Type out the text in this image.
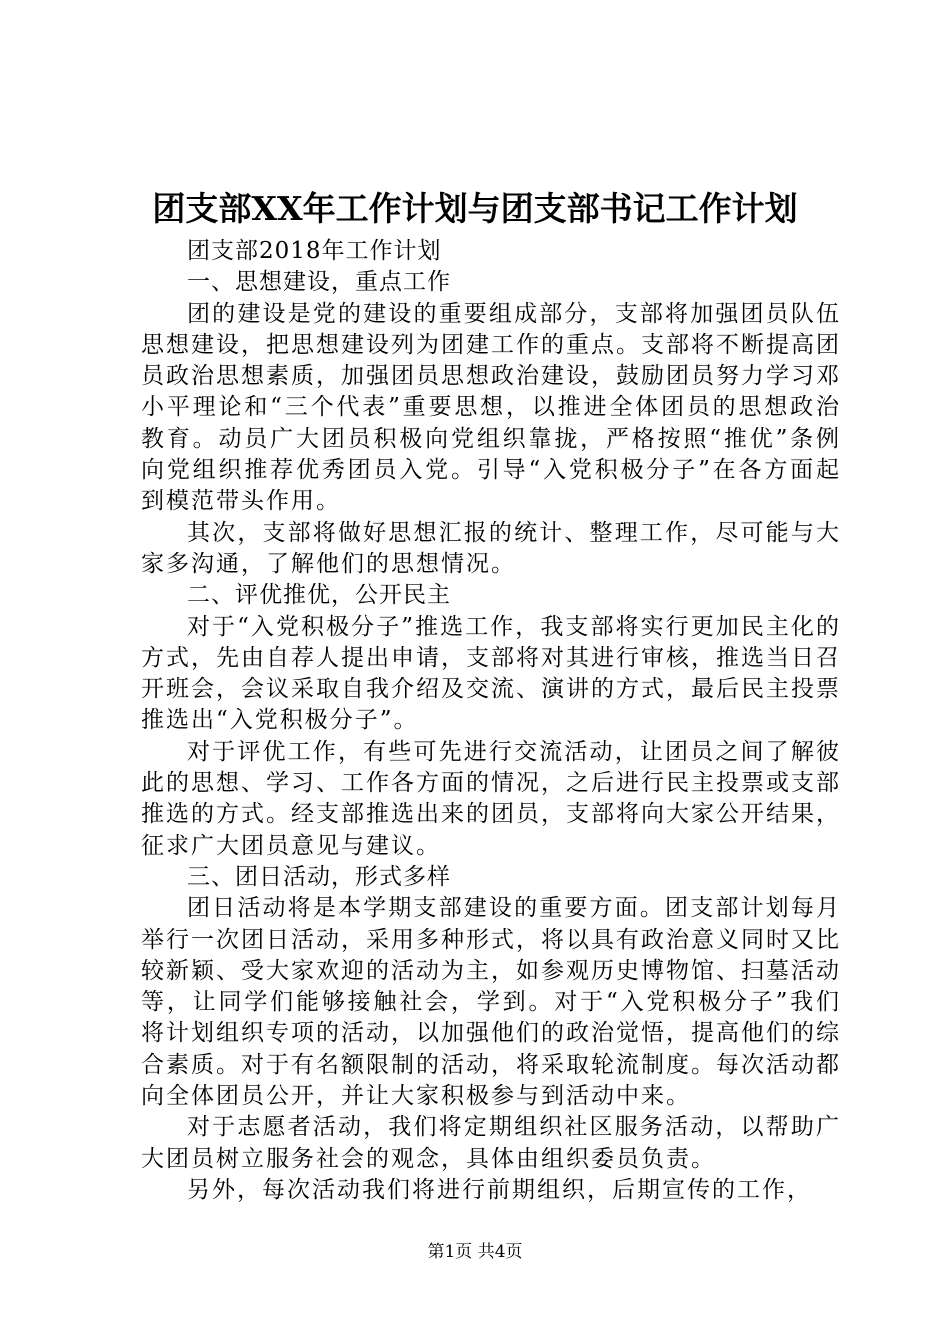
团支部XX年工作计划与团支部书记工作计划

团支部2018年工作计划

一、思想建设，重点工作

团的建设是党的建设的重要组成部分，支部将加强团员队伍思想建设，把思想建设列为团建工作的重点。支部将不断提高团员政治思想素质，加强团员思想政治建设，鼓励团员努力学习邓小平理论和“三个代表”重要思想，以推进全体团员的思想政治教育。动员广大团员积极向党组织靠拢，严格按照“推优”条例向党组织推荐优秀团员入党。引导“入党积极分子”在各方面起到模范带头作用。

其次，支部将做好思想汇报的统计、整理工作，尽可能与大家多沟通，了解他们的思想情况。

二、评优推优，公开民主

对于“入党积极分子”推选工作，我支部将实行更加民主化的方式，先由自荐人提出申请，支部将对其进行审核，推选当日召开班会，会议采取自我介绍及交流、演讲的方式，最后民主投票推选出“入党积极分子”。

对于评优工作，有些可先进行交流活动，让团员之间了解彼此的思想、学习、工作各方面的情况，之后进行民主投票或支部推选的方式。经支部推选出来的团员，支部将向大家公开结果，征求广大团员意见与建议。

三、团日活动，形式多样

团日活动将是本学期支部建设的重要方面。团支部计划每月举行一次团日活动，采用多种形式，将以具有政治意义同时又比较新颖、受大家欢迎的活动为主，如参观历史博物馆、扫墓活动等，让同学们能够接触社会，学到。对于“入党积极分子”我们将计划组织专项的活动，以加强他们的政治觉悟，提高他们的综合素质。对于有名额限制的活动，将采取轮流制度。每次活动都向全体团员公开，并让大家积极参与到活动中来。

对于志愿者活动，我们将定期组织社区服务活动，以帮助广大团员树立服务社会的观念，具体由组织委员负责。

另外，每次活动我们将进行前期组织，后期宣传的工作，

第1页 共4页
